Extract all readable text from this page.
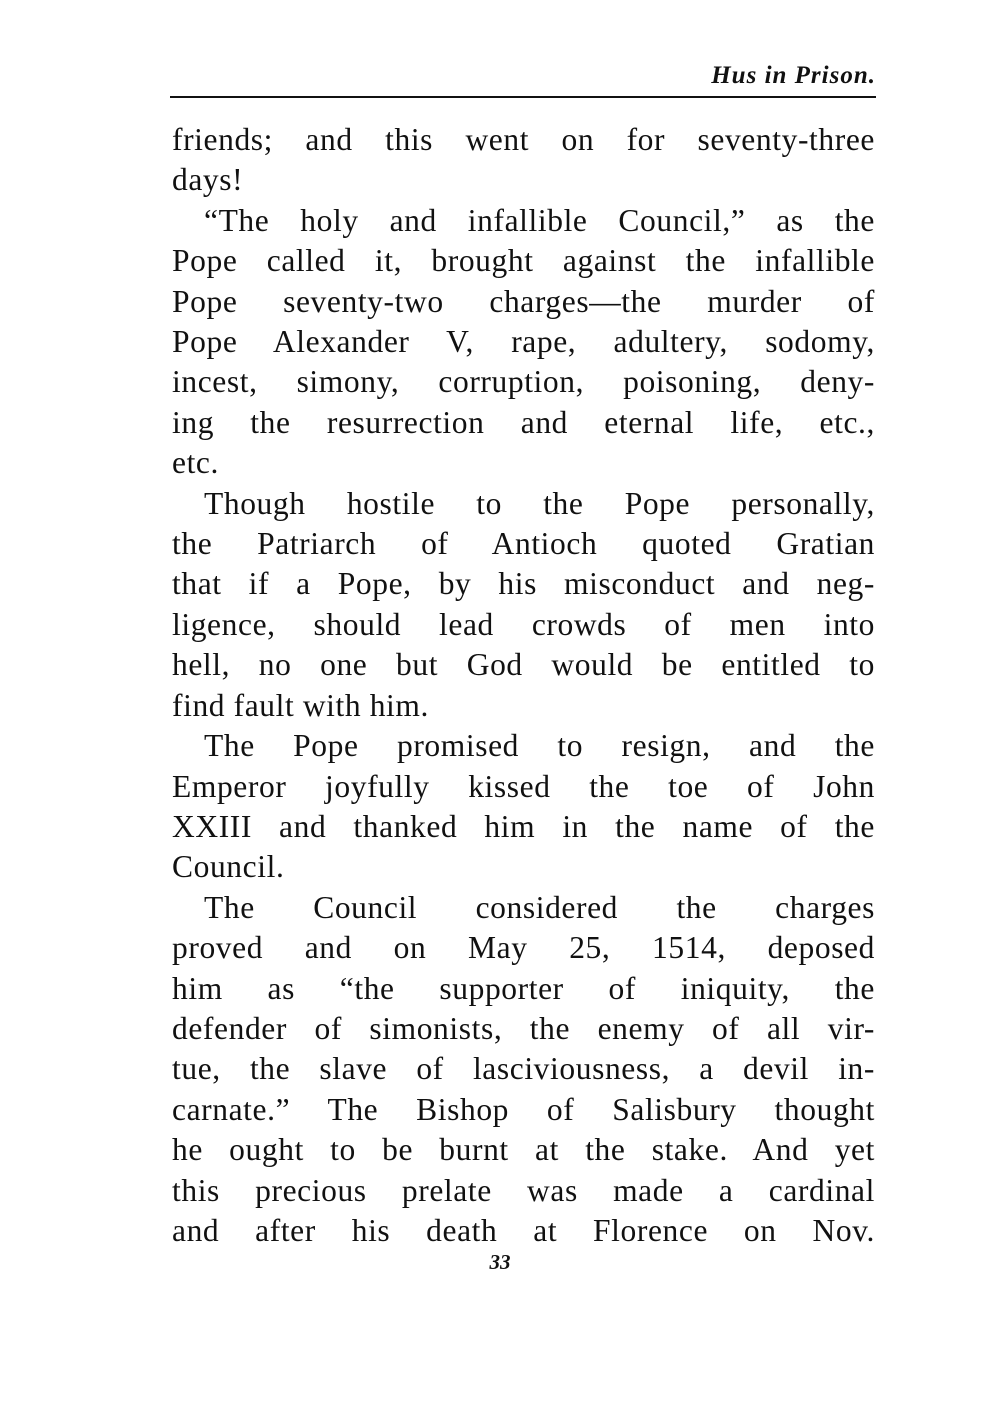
Hus in Prison.
friends; and this went on for seventy-three
days!
“The holy and infallible Council,” as the
Pope called it, brought against the infallible
Pope seventy-two charges—the murder of
Pope Alexander V, rape, adultery, sodomy,
incest, simony, corruption, poisoning, deny-
ing the resurrection and eternal life, etc.,
etc.
Though hostile to the Pope personally,
the Patriarch of Antioch quoted Gratian
that if a Pope, by his misconduct and neg-
ligence, should lead crowds of men into
hell, no one but God would be entitled to
find fault with him.
The Pope promised to resign, and the
Emperor joyfully kissed the toe of John
XXIII and thanked him in the name of the
Council.
The Council considered the charges
proved and on May 25, 1514, deposed
him as “the supporter of iniquity, the
defender of simonists, the enemy of all vir-
tue, the slave of lasciviousness, a devil in-
carnate.” The Bishop of Salisbury thought
he ought to be burnt at the stake. And yet
this precious prelate was made a cardinal
and after his death at Florence on Nov.
33
